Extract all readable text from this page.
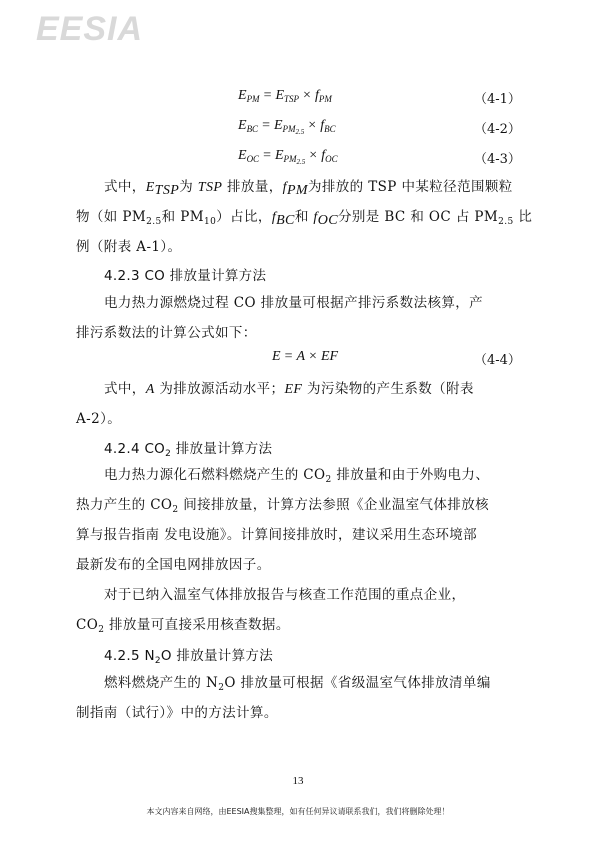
EESIA
$E_{PM} = E_{TSP} \times f_{PM}$	（4-1）
$E_{BC} = E_{PM_{2.5}} \times f_{BC}$	（4-2）
$E_{OC} = E_{PM_{2.5}} \times f_{OC}$	（4-3）
式中，$E_{TSP}$为 TSP 排放量，$f_{PM}$为排放的 TSP 中某粒径范围颗粒
物（如 $PM_{2.5}$和 $PM_{10}$）占比，$f_{BC}$和 $f_{OC}$分别是 BC 和 OC 占 $PM_{2.5}$ 比
例（附表 A-1）。
4.2.3 CO 排放量计算方法
电力热力源燃烧过程 CO 排放量可根据产排污系数法核算，产
排污系数法的计算公式如下：
E = A × EF	（4-4）
式中，A 为排放源活动水平；EF 为污染物的产生系数（附表
A-2）。
4.2.4 $CO_2$ 排放量计算方法
电力热力源化石燃料燃烧产生的 $CO_2$ 排放量和由于外购电力、
热力产生的 $CO_2$ 间接排放量，计算方法参照《企业温室气体排放核
算与报告指南 发电设施》。计算间接排放时，建议采用生态环境部
最新发布的全国电网排放因子。
对于已纳入温室气体排放报告与核查工作范围的重点企业，
$CO_2$ 排放量可直接采用核查数据。
4.2.5 $N_2O$ 排放量计算方法
燃料燃烧产生的 $N_2O$ 排放量可根据《省级温室气体排放清单编
制指南（试行）》中的方法计算。
13
本文内容来自网络，由EESIA搜集整理，如有任何异议请联系我们，我们将删除处理！
